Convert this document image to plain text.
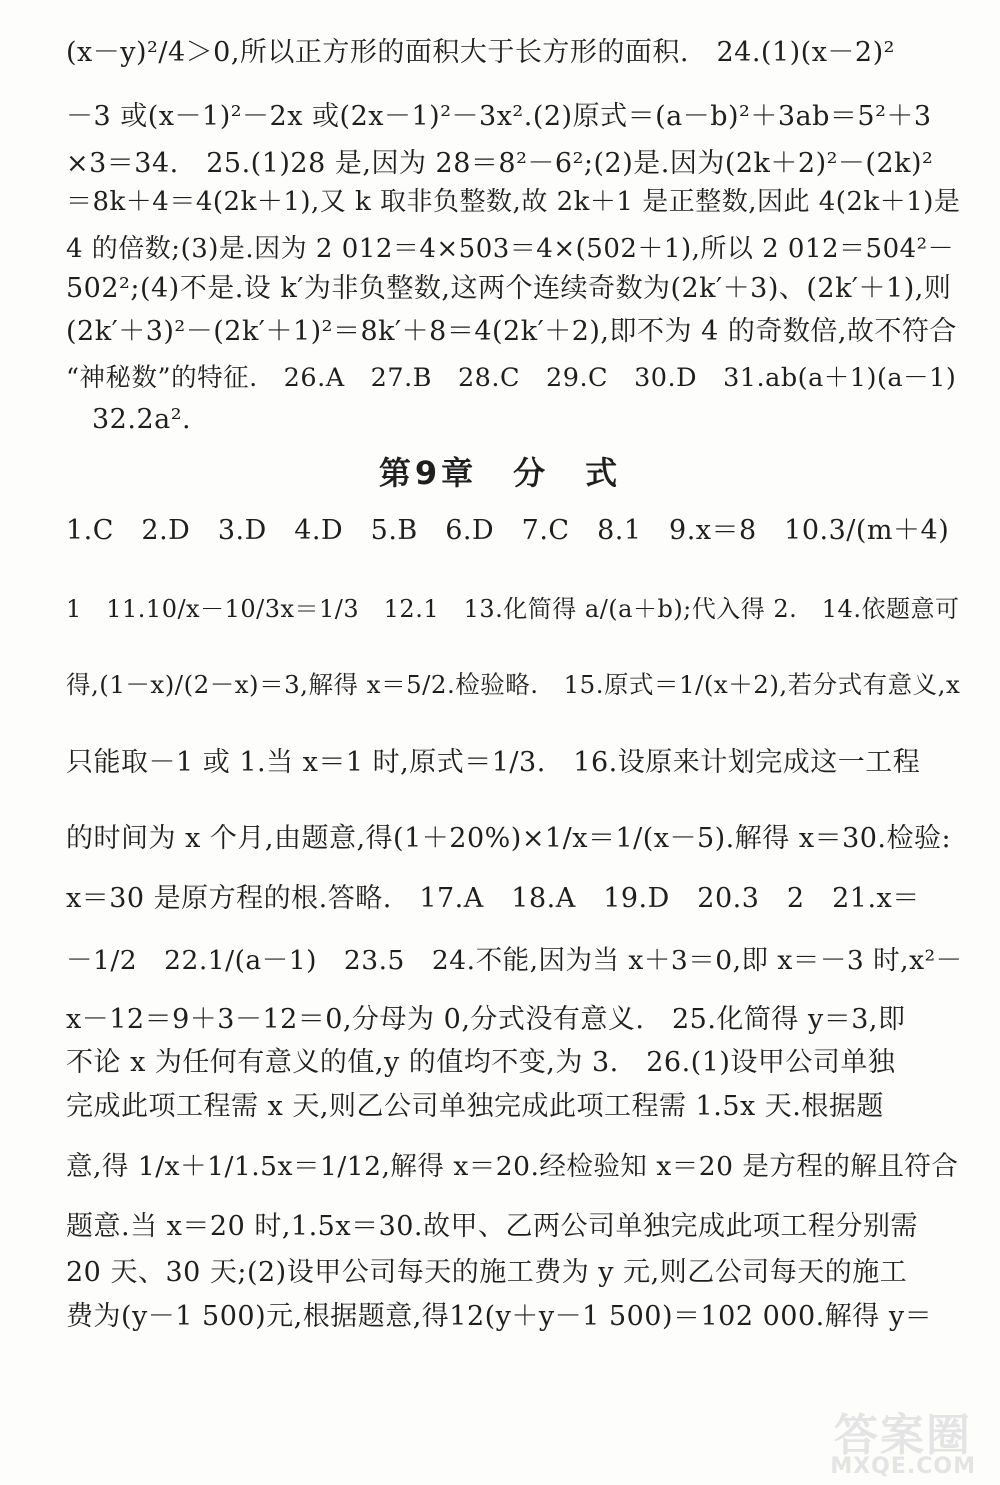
(x－y)²/4＞0,所以正方形的面积大于长方形的面积.　24.(1)(x－2)²
－3 或(x－1)²－2x 或(2x－1)²－3x².(2)原式＝(a－b)²＋3ab＝5²＋3
×3＝34.　25.(1)28 是,因为 28＝8²－6²;(2)是.因为(2k＋2)²－(2k)²
＝8k＋4＝4(2k＋1),又 k 取非负整数,故 2k＋1 是正整数,因此 4(2k＋1)是
4 的倍数;(3)是.因为 2 012＝4×503＝4×(502＋1),所以 2 012＝504²－
502²;(4)不是.设 k′为非负整数,这两个连续奇数为(2k′＋3)、(2k′＋1),则
(2k′＋3)²－(2k′＋1)²＝8k′＋8＝4(2k′＋2),即不为 4 的奇数倍,故不符合
“神秘数”的特征.　26.A　27.B　28.C　29.C　30.D　31.ab(a＋1)(a－1)
32.2a².
第9章　分　式
1.C　2.D　3.D　4.D　5.B　6.D　7.C　8.1　9.x＝8　10.3/(m＋4)
1　11.10/x－10/3x＝1/3　12.1　13.化简得 a/(a＋b);代入得 2.　14.依题意可
得,(1－x)/(2－x)＝3,解得 x＝5/2.检验略.　15.原式＝1/(x＋2),若分式有意义,x
只能取－1 或 1.当 x＝1 时,原式＝1/3.　16.设原来计划完成这一工程
的时间为 x 个月,由题意,得(1＋20%)×1/x＝1/(x－5).解得 x＝30.检验:
x＝30 是原方程的根.答略.　17.A　18.A　19.D　20.3　2　21.x＝
－1/2　22.1/(a－1)　23.5　24.不能,因为当 x＋3＝0,即 x＝－3 时,x²－
x－12＝9＋3－12＝0,分母为 0,分式没有意义.　25.化简得 y＝3,即
不论 x 为任何有意义的值,y 的值均不变,为 3.　26.(1)设甲公司单独
完成此项工程需 x 天,则乙公司单独完成此项工程需 1.5x 天.根据题
意,得 1/x＋1/1.5x＝1/12,解得 x＝20.经检验知 x＝20 是方程的解且符合
题意.当 x＝20 时,1.5x＝30.故甲、乙两公司单独完成此项工程分别需
20 天、30 天;(2)设甲公司每天的施工费为 y 元,则乙公司每天的施工
费为(y－1 500)元,根据题意,得12(y＋y－1 500)＝102 000.解得 y＝
答案圈
MXQE.COM
